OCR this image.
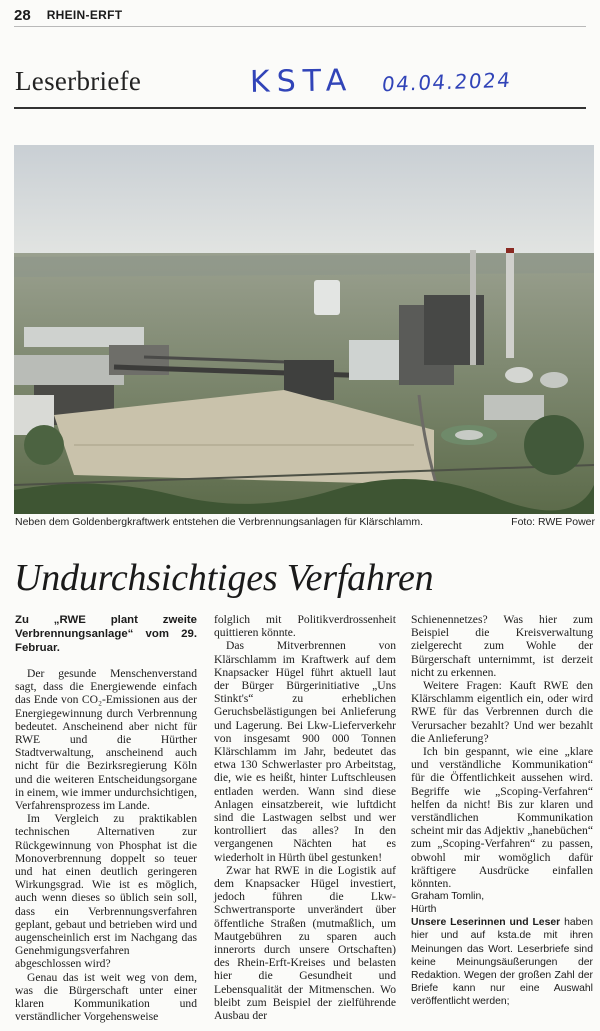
28 RHEIN-ERFT
Leserbriefe	KSTA 04.04.2024
Neben dem Goldenbergkraftwerk entstehen die Verbrennungsanlagen für Klärschlamm.	Foto: RWE Power
Undurchsichtiges Verfahren

Zu „RWE plant zweite Verbrennungsanlage“ vom 29. Februar.

Der gesunde Menschenverstand sagt, dass die Energiewende einfach das Ende von CO₂-Emissionen aus der Energiegewinnung durch Verbrennung bedeutet. Anscheinend aber nicht für RWE und die Hürther Stadtverwaltung, anscheinend auch nicht für die Bezirksregierung Köln und die weiteren Entscheidungsorgane in einem, wie immer undurchsichtigen, Verfahrensprozess im Lande.

Im Vergleich zu praktikablen technischen Alternativen zur Rückgewinnung von Phosphat ist die Monoverbrennung doppelt so teuer und hat einen deutlich geringeren Wirkungsgrad. Wie ist es möglich, auch wenn dieses so üblich sein soll, dass ein Verbrennungsverfahren geplant, gebaut und betrieben wird und augenscheinlich erst im Nachgang das Genehmigungsverfahren abgeschlossen wird?

Genau das ist weit weg von dem, was die Bürgerschaft unter einer klaren Kommunikation und verständlicher Vorgehensweise

folglich mit Politikverdrossenheit quittieren könnte.

Das Mitverbrennen von Klärschlamm im Kraftwerk auf dem Knapsacker Hügel führt aktuell laut der Bürger Bürgerinitiative „Uns Stinkt's“ zu erheblichen Geruchsbelästigungen bei Anlieferung und Lagerung. Bei Lkw-Lieferverkehr von insgesamt 900 000 Tonnen Klärschlamm im Jahr, bedeutet das etwa 130 Schwerlaster pro Arbeitstag, die, wie es heißt, hinter Luftschleusen entladen werden. Wann sind diese Anlagen einsatzbereit, wie luftdicht sind die Lastwagen selbst und wer kontrolliert das alles? In den vergangenen Nächten hat es wiederholt in Hürth übel gestunken!

Zwar hat RWE in die Logistik auf dem Knapsacker Hügel investiert, jedoch führen die Lkw-Schwertransporte unverändert über öffentliche Straßen (mutmaßlich, um Mautgebühren zu sparen auch innerorts durch unsere Ortschaften) des Rhein-Erft-Kreises und belasten hier die Gesundheit und Lebensqualität der Mitmenschen. Wo bleibt zum Beispiel der zielführende Ausbau der

Schienennetzes? Was hier zum Beispiel die Kreisverwaltung zielgerecht zum Wohle der Bürgerschaft unternimmt, ist derzeit nicht zu erkennen.

Weitere Fragen: Kauft RWE den Klärschlamm eigentlich ein, oder wird RWE für das Verbrennen durch die Verursacher bezahlt? Und wer bezahlt die Anlieferung?

Ich bin gespannt, wie eine „klare und verständliche Kommunikation“ für die Öffentlichkeit aussehen wird. Begriffe wie „Scoping-Verfahren“ helfen da nicht! Bis zur klaren und verständlichen Kommunikation scheint mir das Adjektiv „hanebüchen“ zum „Scoping-Verfahren“ zu passen, obwohl mir womöglich dafür kräftigere Ausdrücke einfallen könnten.

Graham Tomlin,
Hürth

Unsere Leserinnen und Leser haben hier und auf ksta.de mit ihren Meinungen das Wort. Leserbriefe sind keine Meinungsäußerungen der Redaktion. Wegen der großen Zahl der Briefe kann nur eine Auswahl veröffentlicht werden;
